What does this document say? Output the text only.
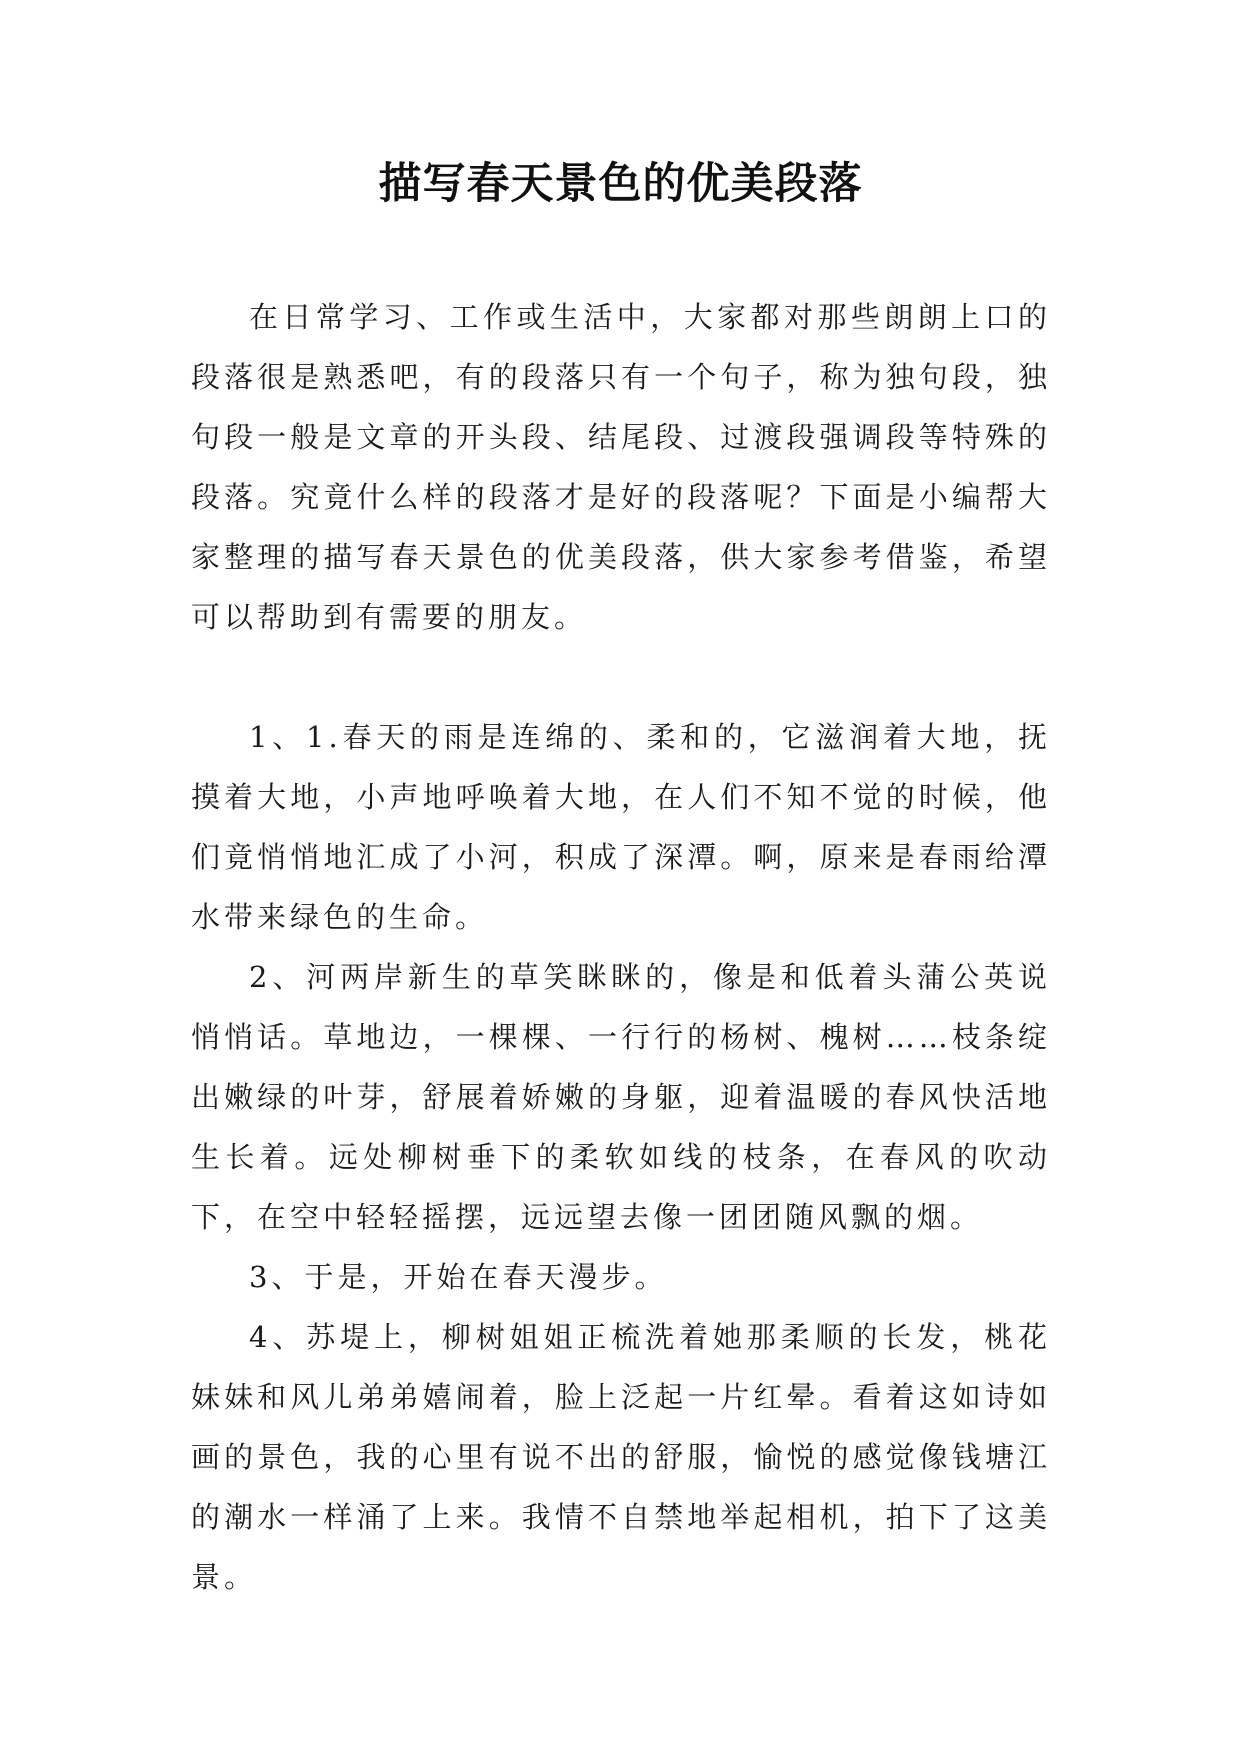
描写春天景色的优美段落

在日常学习、工作或生活中，大家都对那些朗朗上口的段落很是熟悉吧，有的段落只有一个句子，称为独句段，独句段一般是文章的开头段、结尾段、过渡段强调段等特殊的段落。究竟什么样的段落才是好的段落呢？下面是小编帮大家整理的描写春天景色的优美段落，供大家参考借鉴，希望可以帮助到有需要的朋友。

1、1.春天的雨是连绵的、柔和的，它滋润着大地，抚摸着大地，小声地呼唤着大地，在人们不知不觉的时候，他们竟悄悄地汇成了小河，积成了深潭。啊，原来是春雨给潭水带来绿色的生命。

2、河两岸新生的草笑眯眯的，像是和低着头蒲公英说悄悄话。草地边，一棵棵、一行行的杨树、槐树……枝条绽出嫩绿的叶芽，舒展着娇嫩的身躯，迎着温暖的春风快活地生长着。远处柳树垂下的柔软如线的枝条，在春风的吹动下，在空中轻轻摇摆，远远望去像一团团随风飘的烟。

3、于是，开始在春天漫步。

4、苏堤上，柳树姐姐正梳洗着她那柔顺的长发，桃花妹妹和风儿弟弟嬉闹着，脸上泛起一片红晕。看着这如诗如画的景色，我的心里有说不出的舒服，愉悦的感觉像钱塘江的潮水一样涌了上来。我情不自禁地举起相机，拍下了这美景。
